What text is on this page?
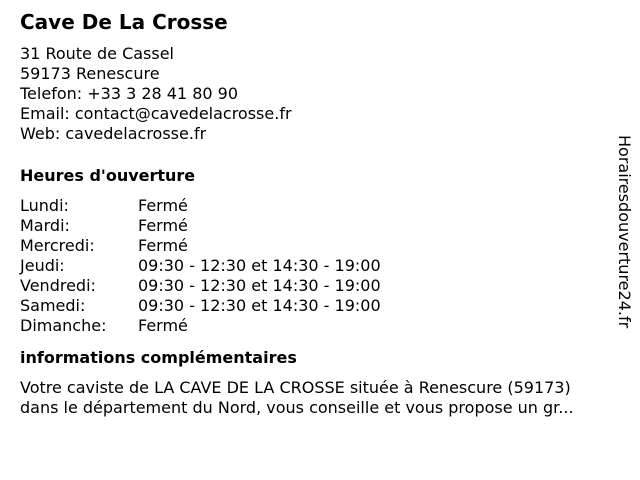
Cave De La Crosse
31 Route de Cassel
59173 Renescure
Telefon: +33 3 28 41 80 90
Email: contact@cavedelacrosse.fr
Web: cavedelacrosse.fr
Heures d'ouverture
Lundi:	Fermé
Mardi:	Fermé
Mercredi:	Fermé
Jeudi:	09:30 - 12:30 et 14:30 - 19:00
Vendredi:	09:30 - 12:30 et 14:30 - 19:00
Samedi:	09:30 - 12:30 et 14:30 - 19:00
Dimanche:	Fermé
informations complémentaires
Votre caviste de LA CAVE DE LA CROSSE située à Renescure (59173)
dans le département du Nord, vous conseille et vous propose un gr...
Horairesdouverture24.fr
